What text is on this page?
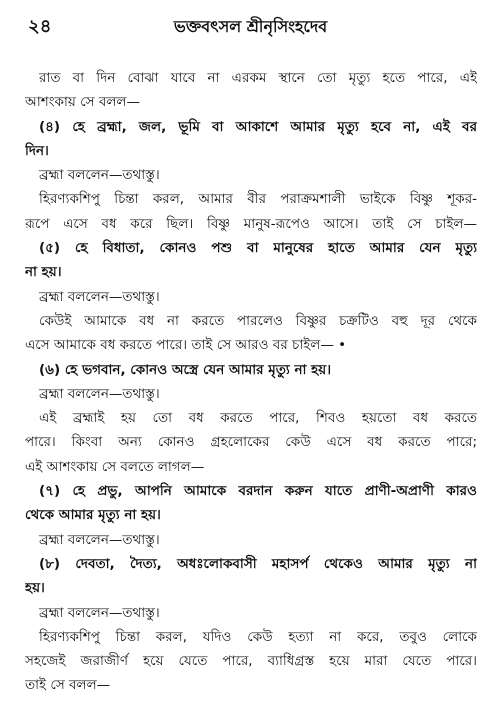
২৪	ভক্তবৎসল শ্রীনৃসিংহদেব
রাত বা দিন বোঝা যাবে না এরকম স্থানে তো মৃত্যু হতে পারে, এই
আশংকায় সে বলল—
(৪) হে ব্রহ্মা, জল, ভূমি বা আকাশে আমার মৃত্যু হবে না, এই বর
দিন।
ব্রহ্মা বললেন—তথাস্তু।
হিরণ্যকশিপু চিন্তা করল, আমার বীর পরাক্রমশালী ভাইকে বিষ্ণু শূকর-
রূপে এসে বধ করে ছিল। বিষ্ণু মানুষ-রূপেও আসে। তাই সে চাইল—
(৫) হে বিধাতা, কোনও পশু বা মানুষের হাতে আমার যেন মৃত্যু
না হয়।
ব্রহ্মা বললেন—তথাস্তু।
কেউই আমাকে বধ না করতে পারলেও বিষ্ণুর চক্রটিও বহু দূর থেকে
এসে আমাকে বধ করতে পারে। তাই সে আরও বর চাইল— •
(৬) হে ভগবান, কোনও অস্ত্রে যেন আমার মৃত্যু না হয়।
ব্রহ্মা বললেন—তথাস্তু।
এই ব্রহ্মাই হয় তো বধ করতে পারে, শিবও হয়তো বধ করতে
পারে। কিংবা অন্য কোনও গ্রহলোকের কেউ এসে বধ করতে পারে;
এই আশংকায় সে বলতে লাগল—
(৭) হে প্রভু, আপনি আমাকে বরদান করুন যাতে প্রাণী-অপ্রাণী কারও
থেকে আমার মৃত্যু না হয়।
ব্রহ্মা বললেন—তথাস্তু।
(৮) দেবতা, দৈত্য, অধঃলোকবাসী মহাসর্প থেকেও আমার মৃত্যু না
হয়।
ব্রহ্মা বললেন—তথাস্তু।
হিরণ্যকশিপু চিন্তা করল, যদিও কেউ হত্যা না করে, তবুও লোকে
সহজেই জরাজীর্ণ হয়ে যেতে পারে, ব্যাধিগ্রস্ত হয়ে মারা যেতে পারে।
তাই সে বলল—
